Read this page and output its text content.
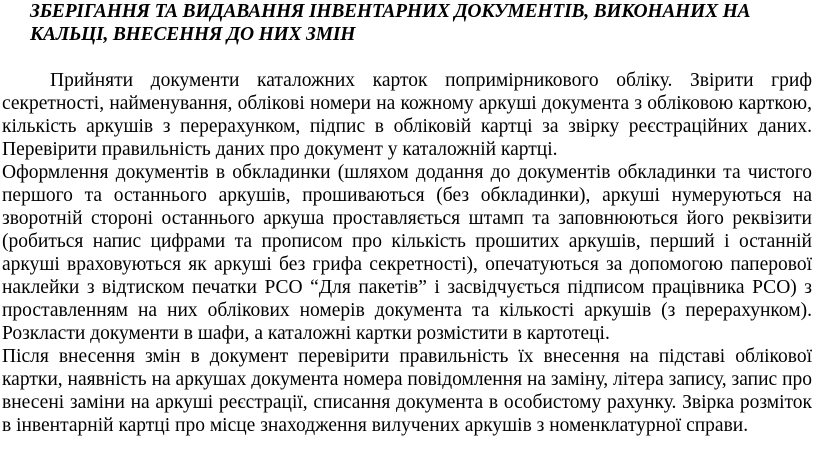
ЗБЕРІГАННЯ ТА ВИДАВАННЯ ІНВЕНТАРНИХ ДОКУМЕНТІВ, ВИКОНАНИХ НА
КАЛЬЦІ, ВНЕСЕННЯ ДО НИХ ЗМІН

Прийняти документи каталожних карток попримірникового обліку. Звірити гриф секретності, найменування, облікові номери на кожному аркуші документа з обліковою карткою, кількість аркушів з перерахунком, підпис в обліковій картці за звірку реєстраційних даних. Перевірити правильність даних про документ у каталожній картці.

Оформлення документів в обкладинки (шляхом додання до документів обкладинки та чистого першого та останнього аркушів, прошиваються (без обкладинки), аркуші нумеруються на зворотній стороні останнього аркуша проставляється штамп та заповнюються його реквізити (робиться напис цифрами та прописом про кількість прошитих аркушів, перший і останній аркуші враховуються як аркуші без грифа секретності), опечатуються за допомогою паперової наклейки з відтиском печатки РСО “Для пакетів” і засвідчується підписом працівника РСО) з проставленням на них облікових номерів документа та кількості аркушів (з перерахунком). Розкласти документи в шафи, а каталожні картки розмістити в картотеці.

Після внесення змін в документ перевірити правильність їх внесення на підставі облікової картки, наявність на аркушах документа номера повідомлення на заміну, літера запису, запис про внесені заміни на аркуші реєстрації, списання документа в особистому рахунку. Звірка розміток в інвентарній картці про місце знаходження вилучених аркушів з номенклатурної справи.
